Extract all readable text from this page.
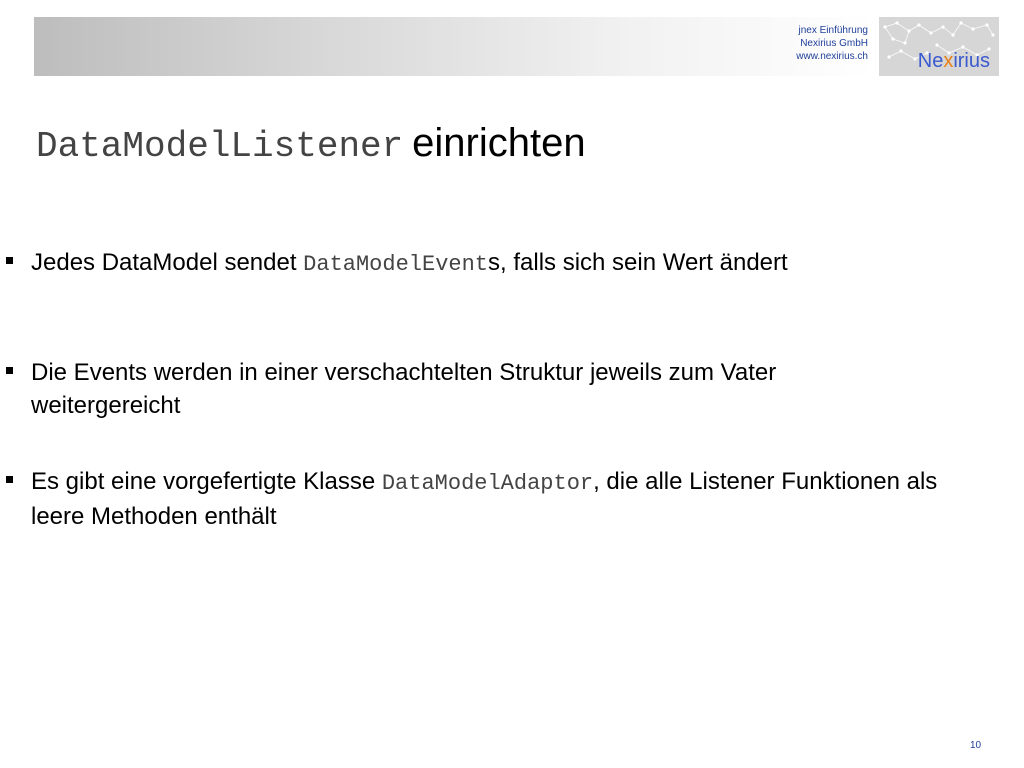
jnex Einführung
Nexirius GmbH
www.nexirius.ch Nexirius
DataModelListener einrichten
Jedes DataModel sendet DataModelEvents, falls sich sein Wert ändert
Die Events werden in einer verschachtelten Struktur jeweils zum Vater weitergereicht
Es gibt eine vorgefertigte Klasse DataModelAdaptor, die alle Listener Funktionen als leere Methoden enthält
10
